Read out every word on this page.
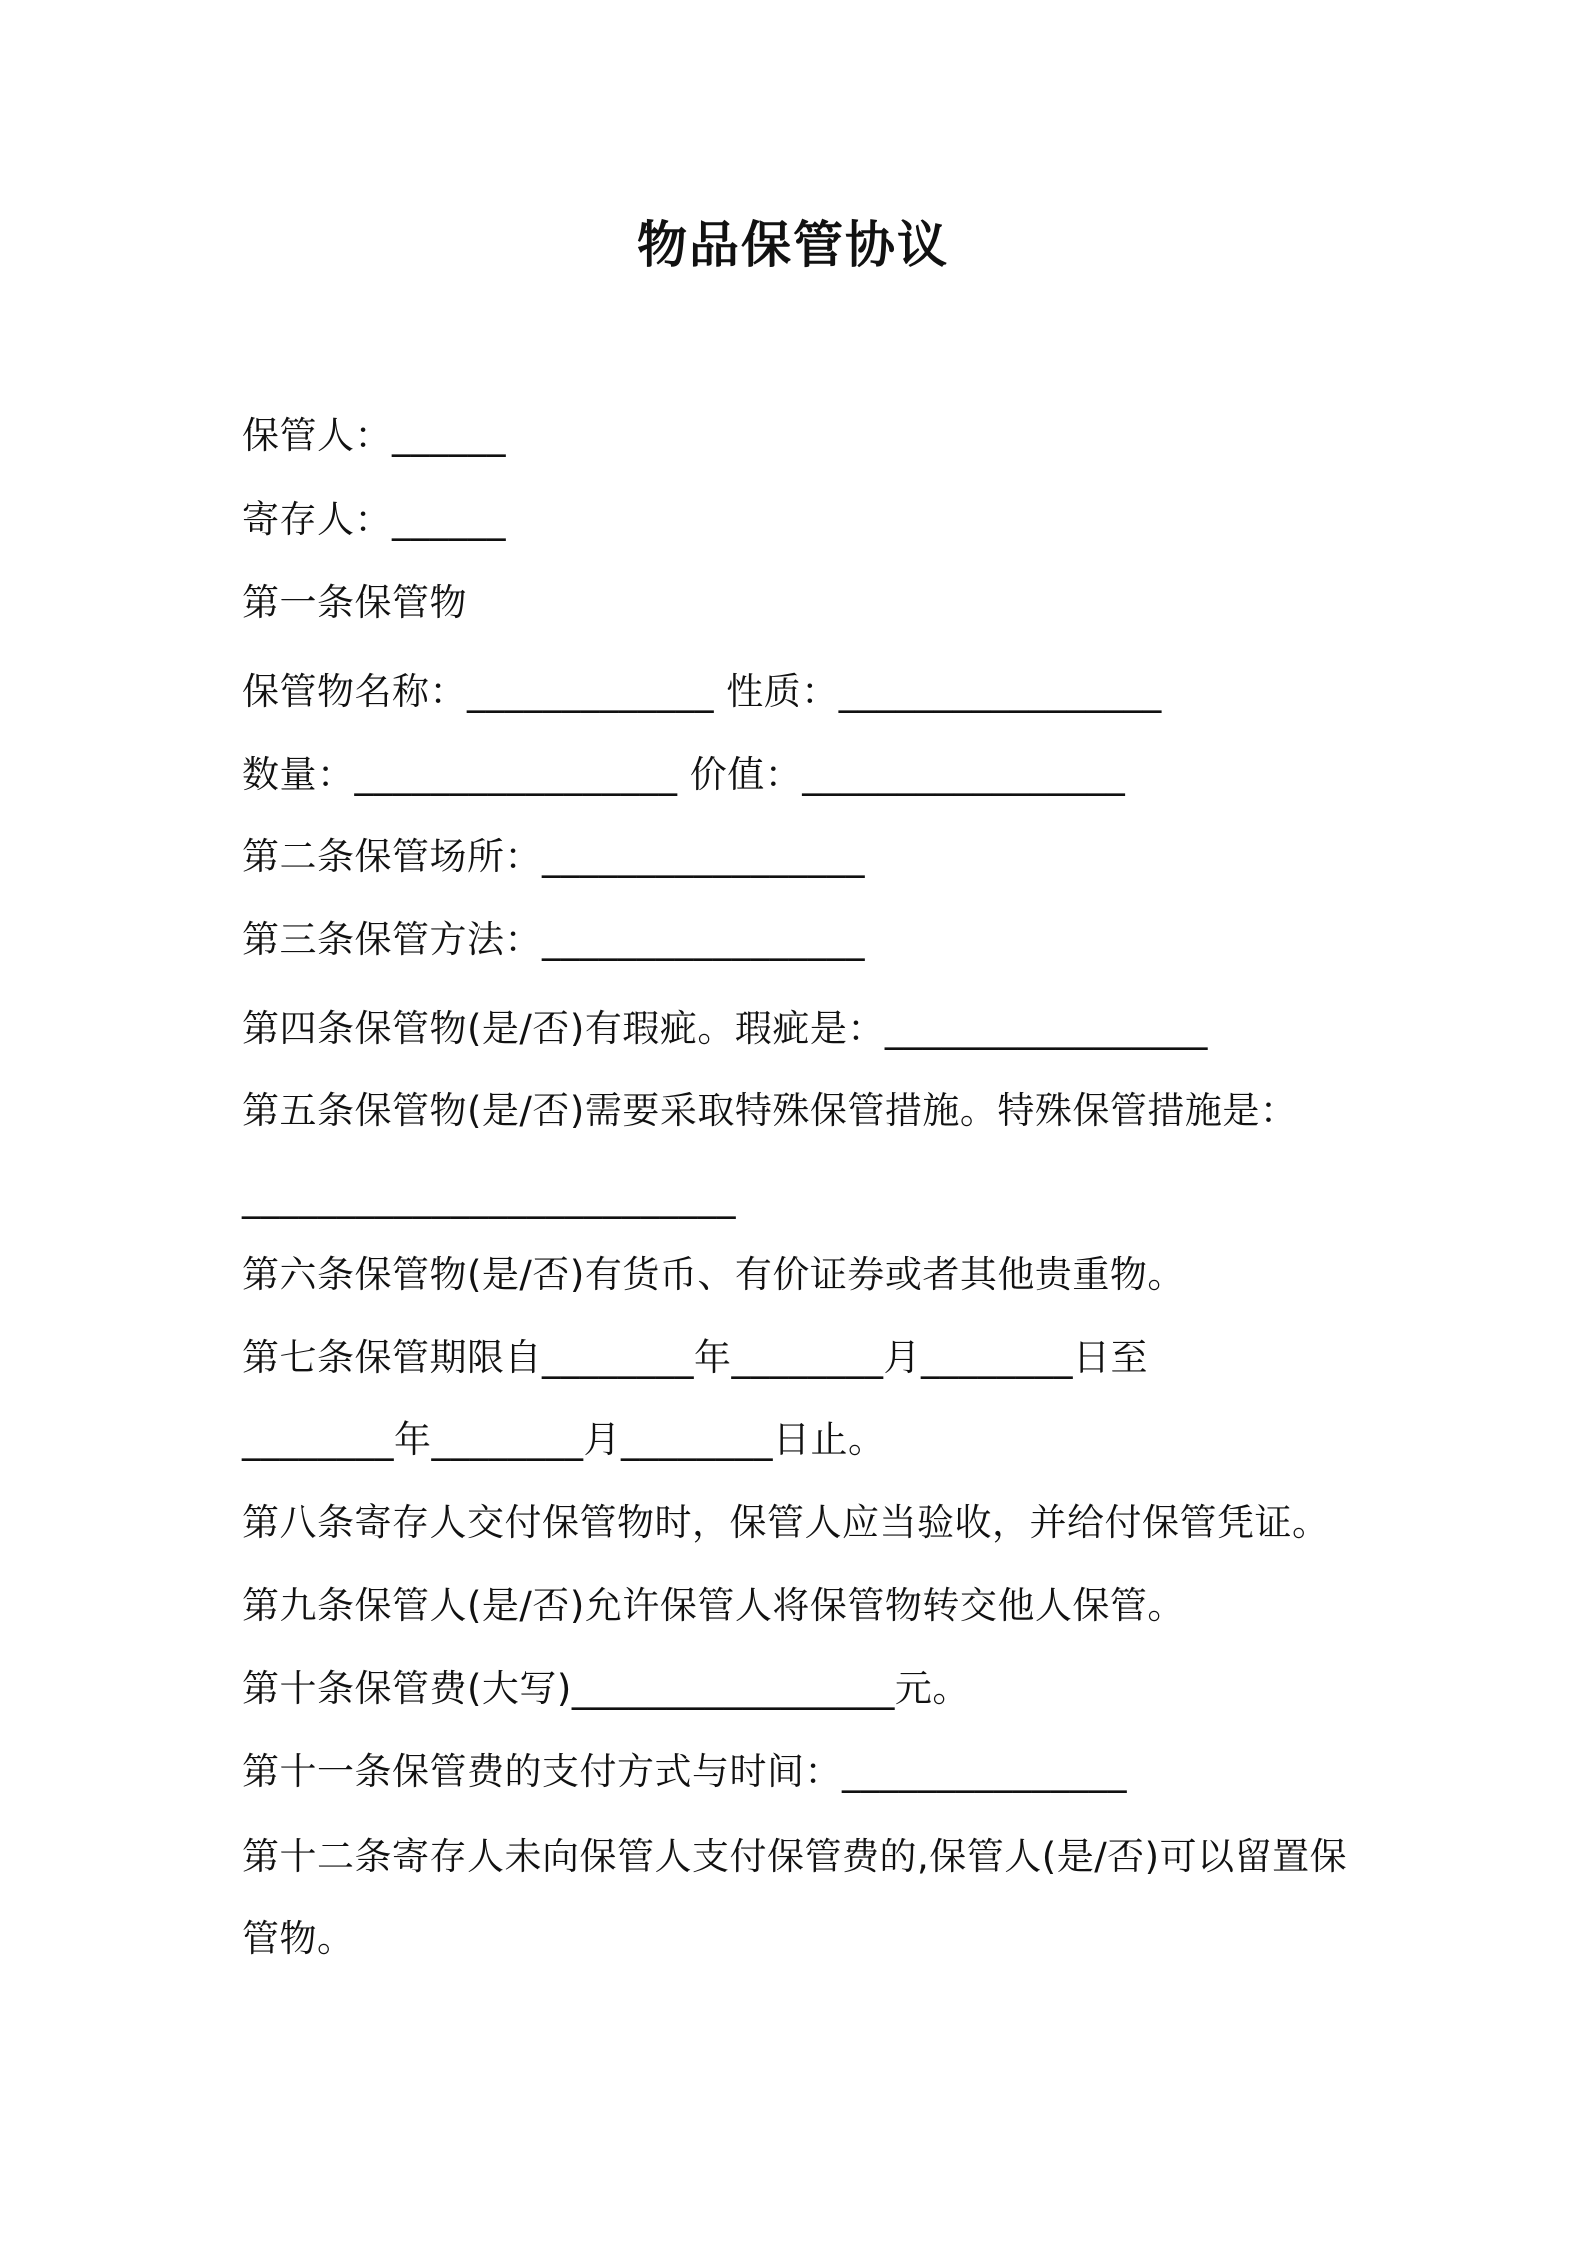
物品保管协议
保管人：______
寄存人：______
第一条保管物
保管物名称：_____________ 性质：_________________
数量：_________________ 价值：_________________
第二条保管场所：_________________
第三条保管方法：_________________
第四条保管物(是/否)有瑕疵。瑕疵是：_________________
第五条保管物(是/否)需要采取特殊保管措施。特殊保管措施是：
__________________________
第六条保管物(是/否)有货币、有价证券或者其他贵重物。
第七条保管期限自________年________月________日至
________年________月________日止。
第八条寄存人交付保管物时，保管人应当验收，并给付保管凭证。
第九条保管人(是/否)允许保管人将保管物转交他人保管。
第十条保管费(大写)_________________元。
第十一条保管费的支付方式与时间：_______________
第十二条寄存人未向保管人支付保管费的,保管人(是/否)可以留置保
管物。
